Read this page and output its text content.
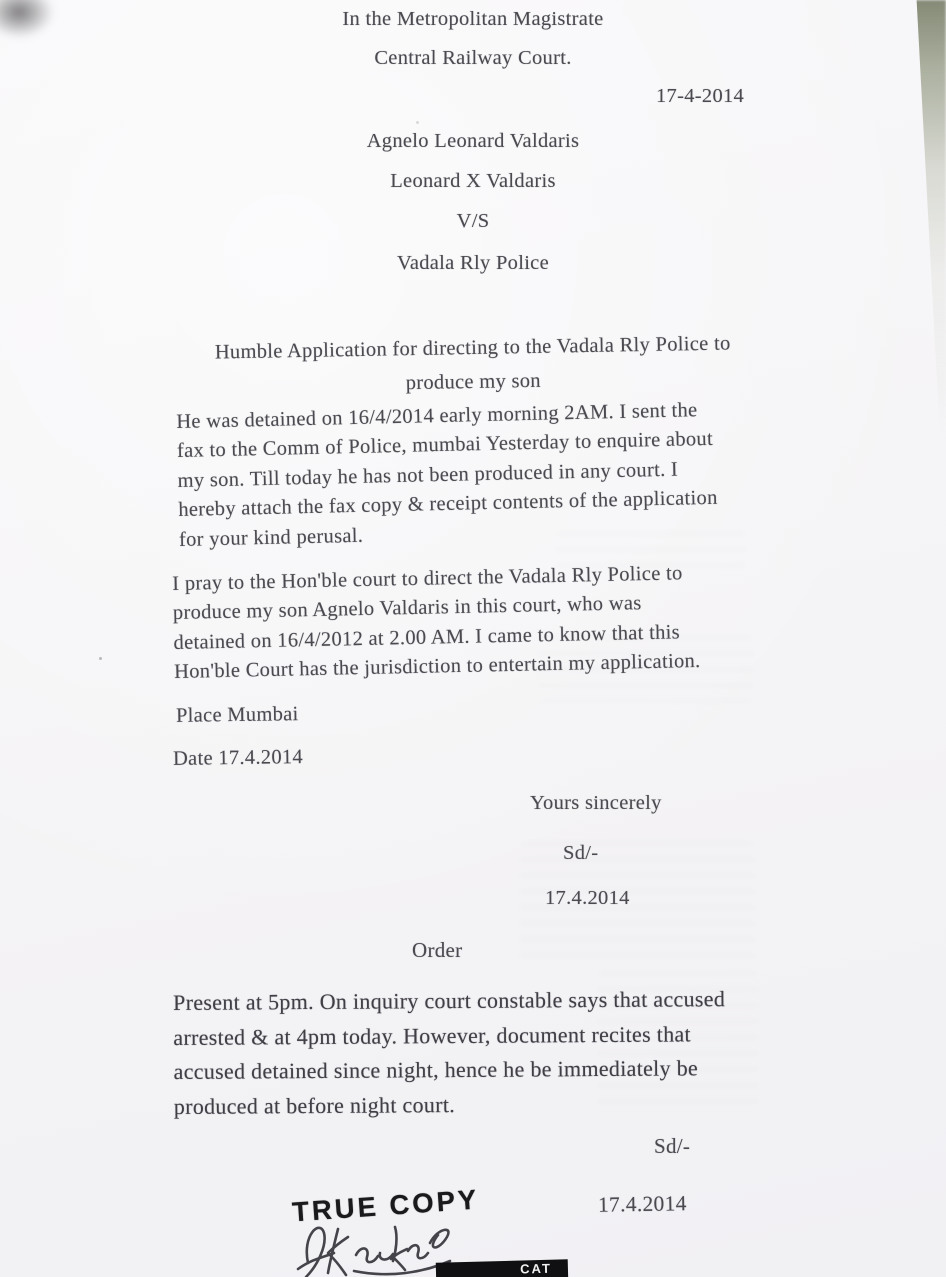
In the Metropolitan Magistrate
Central Railway Court.
17-4-2014
Agnelo Leonard Valdaris
Leonard X Valdaris
V/S
Vadala Rly Police
Humble Application for directing to the Vadala Rly Police to
produce my son
He was detained on 16/4/2014 early morning 2AM. I sent the
fax to the Comm of Police, mumbai Yesterday to enquire about
my son. Till today he has not been produced in any court. I
hereby attach the fax copy & receipt contents of the application
for your kind perusal.
I pray to the Hon'ble court to direct the Vadala Rly Police to
produce my son Agnelo Valdaris in this court, who was
detained on 16/4/2012 at 2.00 AM. I came to know that this
Hon'ble Court has the jurisdiction to entertain my application.
Place Mumbai
Date 17.4.2014
Yours sincerely
Sd/-
17.4.2014
Order
Present at 5pm. On inquiry court constable says that accused
arrested & at 4pm today. However, document recites that
accused detained since night, hence he be immediately be
produced at before night court.
Sd/-
17.4.2014
TRUE COPY
CAT
